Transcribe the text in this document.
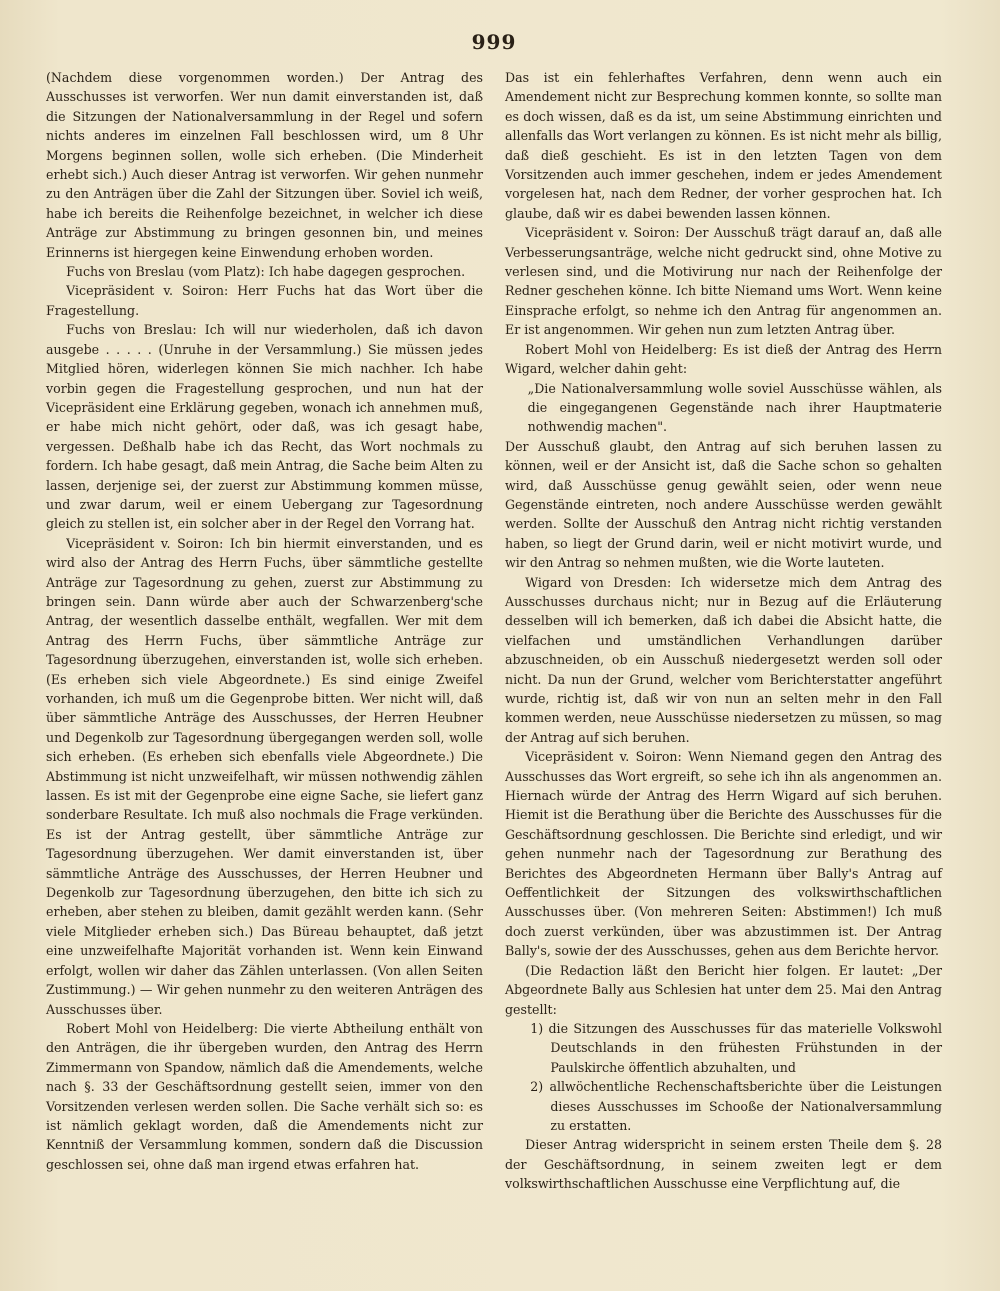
999

(Nachdem diese vorgenommen worden.) Der Antrag des Ausschusses ist verworfen. Wer nun damit einverstanden ist, daß die Sitzungen der Nationalversammlung in der Regel und sofern nichts anderes im einzelnen Fall beschlossen wird, um 8 Uhr Morgens beginnen sollen, wolle sich erheben. (Die Minderheit erhebt sich.) Auch dieser Antrag ist verworfen. Wir gehen nunmehr zu den Anträgen über die Zahl der Sitzungen über. Soviel ich weiß, habe ich bereits die Reihenfolge bezeichnet, in welcher ich diese Anträge zur Abstimmung zu bringen gesonnen bin, und meines Erinnerns ist hiergegen keine Einwendung erhoben worden.

Fuchs von Breslau (vom Platz): Ich habe dagegen gesprochen.

Vicepräsident v. Soiron: Herr Fuchs hat das Wort über die Fragestellung.

Fuchs von Breslau: Ich will nur wiederholen, daß ich davon ausgebe . . . . . (Unruhe in der Versammlung.) Sie müssen jedes Mitglied hören, widerlegen können Sie mich nachher. Ich habe vorbin gegen die Fragestellung gesprochen, und nun hat der Vicepräsident eine Erklärung gegeben, wonach ich annehmen muß, er habe mich nicht gehört, oder daß, was ich gesagt habe, vergessen. Deßhalb habe ich das Recht, das Wort nochmals zu fordern. Ich habe gesagt, daß mein Antrag, die Sache beim Alten zu lassen, derjenige sei, der zuerst zur Abstimmung kommen müsse, und zwar darum, weil er einem Uebergang zur Tagesordnung gleich zu stellen ist, ein solcher aber in der Regel den Vorrang hat.

Vicepräsident v. Soiron: Ich bin hiermit einverstanden, und es wird also der Antrag des Herrn Fuchs, über sämmtliche gestellte Anträge zur Tagesordnung zu gehen, zuerst zur Abstimmung zu bringen sein. Dann würde aber auch der Schwarzenberg'sche Antrag, der wesentlich dasselbe enthält, wegfallen. Wer mit dem Antrag des Herrn Fuchs, über sämmtliche Anträge zur Tagesordnung überzugehen, einverstanden ist, wolle sich erheben. (Es erheben sich viele Abgeordnete.) Es sind einige Zweifel vorhanden, ich muß um die Gegenprobe bitten. Wer nicht will, daß über sämmtliche Anträge des Ausschusses, der Herren Heubner und Degenkolb zur Tagesordnung übergegangen werden soll, wolle sich erheben. (Es erheben sich ebenfalls viele Abgeordnete.) Die Abstimmung ist nicht unzweifelhaft, wir müssen nothwendig zählen lassen. Es ist mit der Gegenprobe eine eigne Sache, sie liefert ganz sonderbare Resultate. Ich muß also nochmals die Frage verkünden. Es ist der Antrag gestellt, über sämmtliche Anträge zur Tagesordnung überzugehen. Wer damit einverstanden ist, über sämmtliche Anträge des Ausschusses, der Herren Heubner und Degenkolb zur Tagesordnung überzugehen, den bitte ich sich zu erheben, aber stehen zu bleiben, damit gezählt werden kann. (Sehr viele Mitglieder erheben sich.) Das Büreau behauptet, daß jetzt eine unzweifelhafte Majorität vorhanden ist. Wenn kein Einwand erfolgt, wollen wir daher das Zählen unterlassen. (Von allen Seiten Zustimmung.) — Wir gehen nunmehr zu den weiteren Anträgen des Ausschusses über.

Robert Mohl von Heidelberg: Die vierte Abtheilung enthält von den Anträgen, die ihr übergeben wurden, den Antrag des Herrn Zimmermann von Spandow, nämlich daß die Amendements, welche nach §. 33 der Geschäftsordnung gestellt seien, immer von den Vorsitzenden verlesen werden sollen. Die Sache verhält sich so: es ist nämlich geklagt worden, daß die Amendements nicht zur Kenntniß der Versammlung kommen, sondern daß die Discussion geschlossen sei, ohne daß man irgend etwas erfahren hat.

Das ist ein fehlerhaftes Verfahren, denn wenn auch ein Amendement nicht zur Besprechung kommen konnte, so sollte man es doch wissen, daß es da ist, um seine Abstimmung einrichten und allenfalls das Wort verlangen zu können. Es ist nicht mehr als billig, daß dieß geschieht. Es ist in den letzten Tagen von dem Vorsitzenden auch immer geschehen, indem er jedes Amendement vorgelesen hat, nach dem Redner, der vorher gesprochen hat. Ich glaube, daß wir es dabei bewenden lassen können.

Vicepräsident v. Soiron: Der Ausschuß trägt darauf an, daß alle Verbesserungsanträge, welche nicht gedruckt sind, ohne Motive zu verlesen sind, und die Motivirung nur nach der Reihenfolge der Redner geschehen könne. Ich bitte Niemand ums Wort. Wenn keine Einsprache erfolgt, so nehme ich den Antrag für angenommen an. Er ist angenommen. Wir gehen nun zum letzten Antrag über.

Robert Mohl von Heidelberg: Es ist dieß der Antrag des Herrn Wigard, welcher dahin geht:

„Die Nationalversammlung wolle soviel Ausschüsse wählen, als die eingegangenen Gegenstände nach ihrer Hauptmaterie nothwendig machen".

Der Ausschuß glaubt, den Antrag auf sich beruhen lassen zu können, weil er der Ansicht ist, daß die Sache schon so gehalten wird, daß Ausschüsse genug gewählt seien, oder wenn neue Gegenstände eintreten, noch andere Ausschüsse werden gewählt werden. Sollte der Ausschuß den Antrag nicht richtig verstanden haben, so liegt der Grund darin, weil er nicht motivirt wurde, und wir den Antrag so nehmen mußten, wie die Worte lauteten.

Wigard von Dresden: Ich widersetze mich dem Antrag des Ausschusses durchaus nicht; nur in Bezug auf die Erläuterung desselben will ich bemerken, daß ich dabei die Absicht hatte, die vielfachen und umständlichen Verhandlungen darüber abzuschneiden, ob ein Ausschuß niedergesetzt werden soll oder nicht. Da nun der Grund, welcher vom Berichterstatter angeführt wurde, richtig ist, daß wir von nun an selten mehr in den Fall kommen werden, neue Ausschüsse niedersetzen zu müssen, so mag der Antrag auf sich beruhen.

Vicepräsident v. Soiron: Wenn Niemand gegen den Antrag des Ausschusses das Wort ergreift, so sehe ich ihn als angenommen an. Hiernach würde der Antrag des Herrn Wigard auf sich beruhen. Hiemit ist die Berathung über die Berichte des Ausschusses für die Geschäftsordnung geschlossen. Die Berichte sind erledigt, und wir gehen nunmehr nach der Tagesordnung zur Berathung des Berichtes des Abgeordneten Hermann über Bally's Antrag auf Oeffentlichkeit der Sitzungen des volkswirthschaftlichen Ausschusses über. (Von mehreren Seiten: Abstimmen!) Ich muß doch zuerst verkünden, über was abzustimmen ist. Der Antrag Bally's, sowie der des Ausschusses, gehen aus dem Berichte hervor.

(Die Redaction läßt den Bericht hier folgen. Er lautet: „Der Abgeordnete Bally aus Schlesien hat unter dem 25. Mai den Antrag gestellt:

1) die Sitzungen des Ausschusses für das materielle Volkswohl Deutschlands in den frühesten Frühstunden in der Paulskirche öffentlich abzuhalten, und

2) allwöchentliche Rechenschaftsberichte über die Leistungen dieses Ausschusses im Schooße der Nationalversammlung zu erstatten.

Dieser Antrag widerspricht in seinem ersten Theile dem §. 28 der Geschäftsordnung, in seinem zweiten legt er dem volkswirthschaftlichen Ausschusse eine Verpflichtung auf, die
